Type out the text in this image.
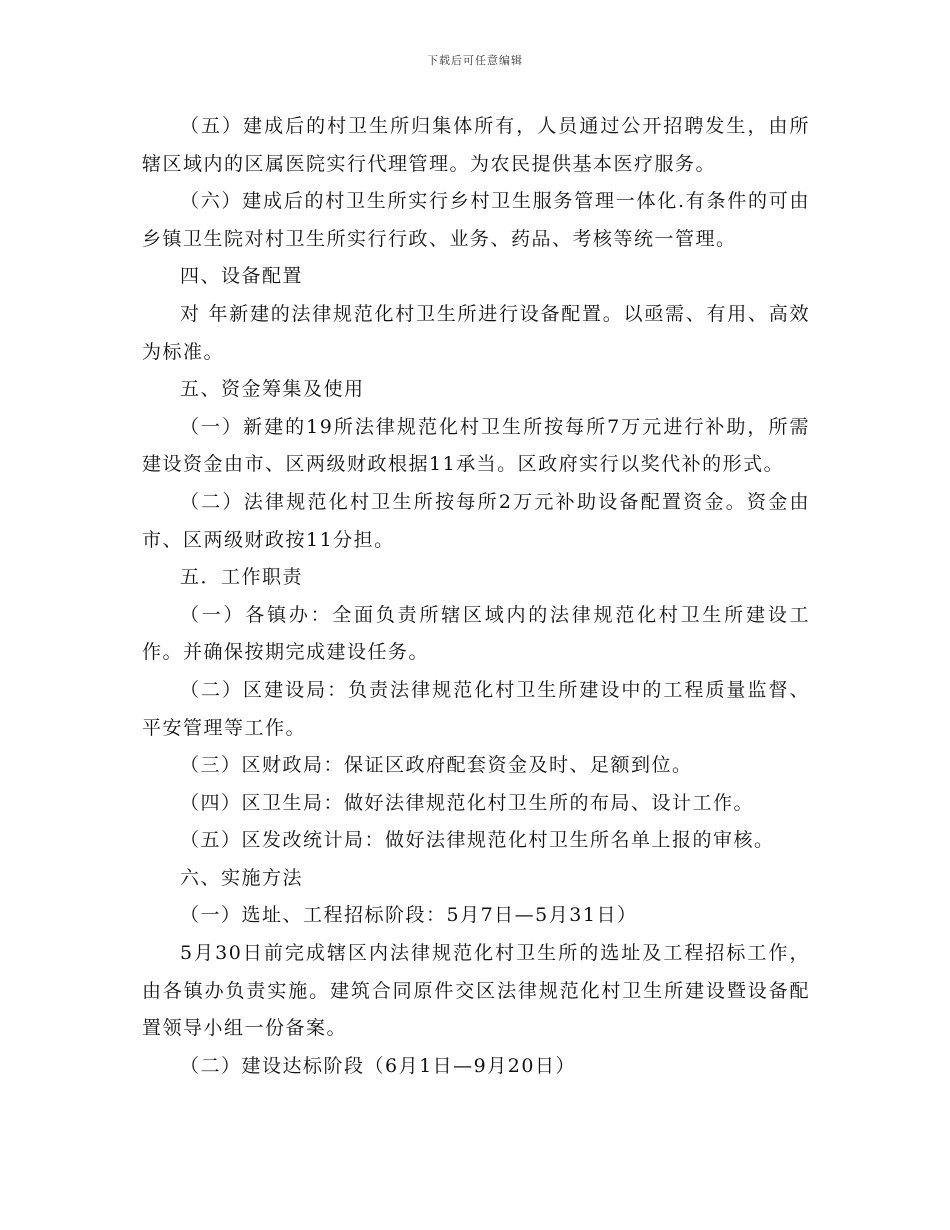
下载后可任意编辑

（五）建成后的村卫生所归集体所有，人员通过公开招聘发生，由所辖区域内的区属医院实行代理管理。为农民提供基本医疗服务。

（六）建成后的村卫生所实行乡村卫生服务管理一体化.有条件的可由乡镇卫生院对村卫生所实行行政、业务、药品、考核等统一管理。

四、设备配置

对 年新建的法律规范化村卫生所进行设备配置。以亟需、有用、高效为标准。

五、资金筹集及使用

（一）新建的19所法律规范化村卫生所按每所7万元进行补助，所需建设资金由市、区两级财政根据11承当。区政府实行以奖代补的形式。

（二）法律规范化村卫生所按每所2万元补助设备配置资金。资金由市、区两级财政按11分担。

五．工作职责

（一）各镇办：全面负责所辖区域内的法律规范化村卫生所建设工作。并确保按期完成建设任务。

（二）区建设局：负责法律规范化村卫生所建设中的工程质量监督、平安管理等工作。

（三）区财政局：保证区政府配套资金及时、足额到位。

（四）区卫生局：做好法律规范化村卫生所的布局、设计工作。

（五）区发改统计局：做好法律规范化村卫生所名单上报的审核。

六、实施方法

（一）选址、工程招标阶段：5月7日—5月31日）

5月30日前完成辖区内法律规范化村卫生所的选址及工程招标工作，由各镇办负责实施。建筑合同原件交区法律规范化村卫生所建设暨设备配置领导小组一份备案。

（二）建设达标阶段（6月1日—9月20日）
